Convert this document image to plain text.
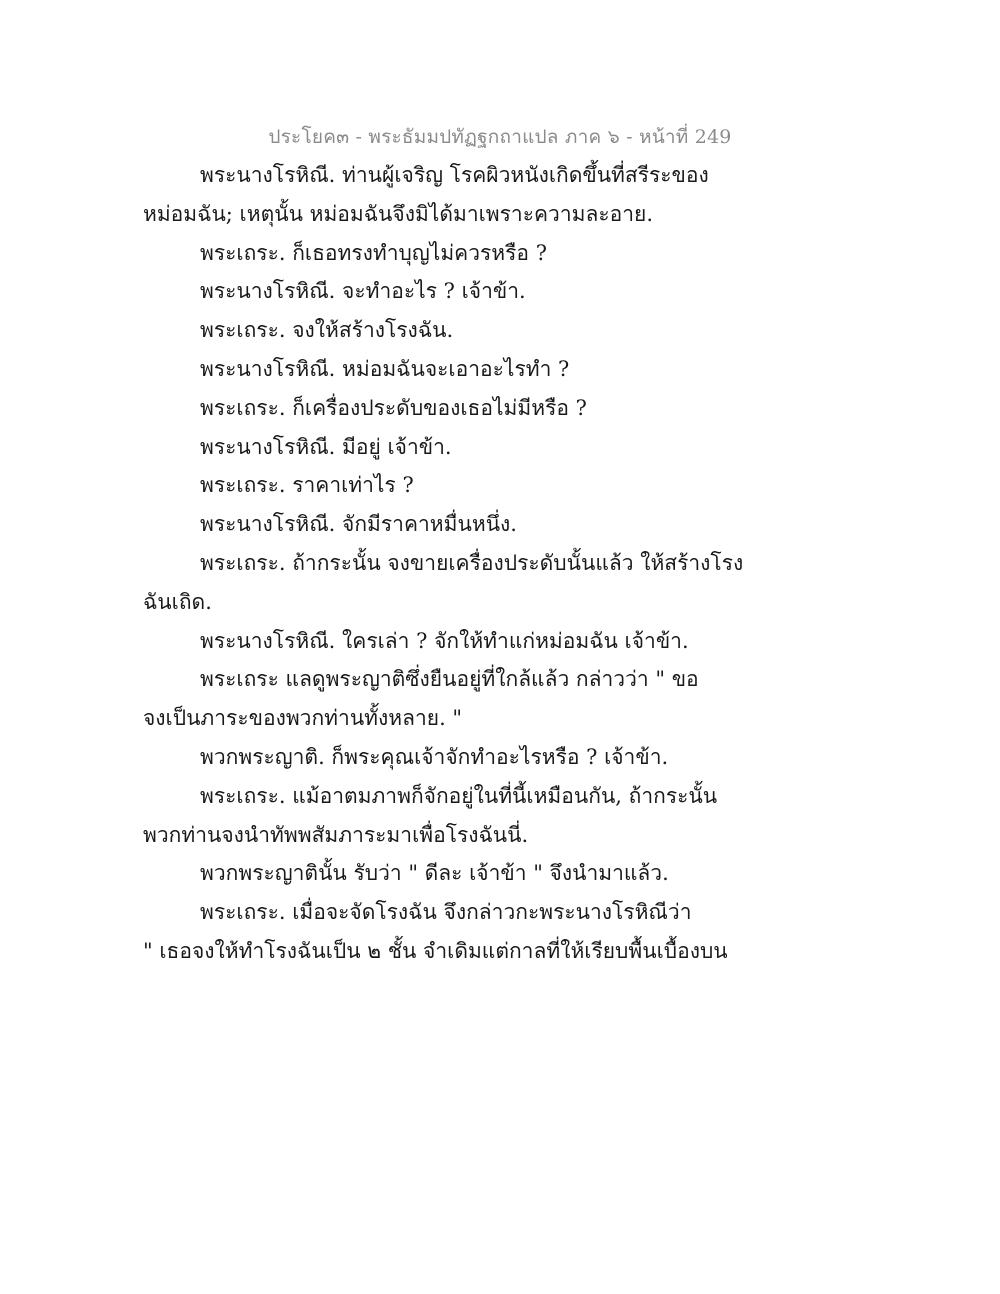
ประโยค๓ - พระธัมมปทัฏฐกถาแปล ภาค ๖ - หน้าที่ 249

พระนางโรหิณี. ท่านผู้เจริญ โรคผิวหนังเกิดขึ้นที่สรีระของ

หม่อมฉัน; เหตุนั้น หม่อมฉันจึงมิได้มาเพราะความละอาย.

พระเถระ. ก็เธอทรงทำบุญไม่ควรหรือ ?

พระนางโรหิณี. จะทำอะไร ? เจ้าข้า.

พระเถระ. จงให้สร้างโรงฉัน.

พระนางโรหิณี. หม่อมฉันจะเอาอะไรทำ ?

พระเถระ. ก็เครื่องประดับของเธอไม่มีหรือ ?

พระนางโรหิณี. มีอยู่ เจ้าข้า.

พระเถระ. ราคาเท่าไร ?

พระนางโรหิณี. จักมีราคาหมื่นหนึ่ง.

พระเถระ. ถ้ากระนั้น จงขายเครื่องประดับนั้นแล้ว ให้สร้างโรง

ฉันเถิด.

พระนางโรหิณี. ใครเล่า ? จักให้ทำแก่หม่อมฉัน เจ้าข้า.

พระเถระ แลดูพระญาติซึ่งยืนอยู่ที่ใกล้แล้ว กล่าวว่า " ขอ

จงเป็นภาระของพวกท่านทั้งหลาย. "

พวกพระญาติ. ก็พระคุณเจ้าจักทำอะไรหรือ ? เจ้าข้า.

พระเถระ. แม้อาตมภาพก็จักอยู่ในที่นี้เหมือนกัน, ถ้ากระนั้น

พวกท่านจงนำทัพพสัมภาระมาเพื่อโรงฉันนี่.

พวกพระญาตินั้น รับว่า " ดีละ เจ้าข้า " จึงนำมาแล้ว.

พระเถระ. เมื่อจะจัดโรงฉัน จึงกล่าวกะพระนางโรหิณีว่า

" เธอจงให้ทำโรงฉันเป็น ๒ ชั้น จำเดิมแต่กาลที่ให้เรียบพื้นเบื้องบน
